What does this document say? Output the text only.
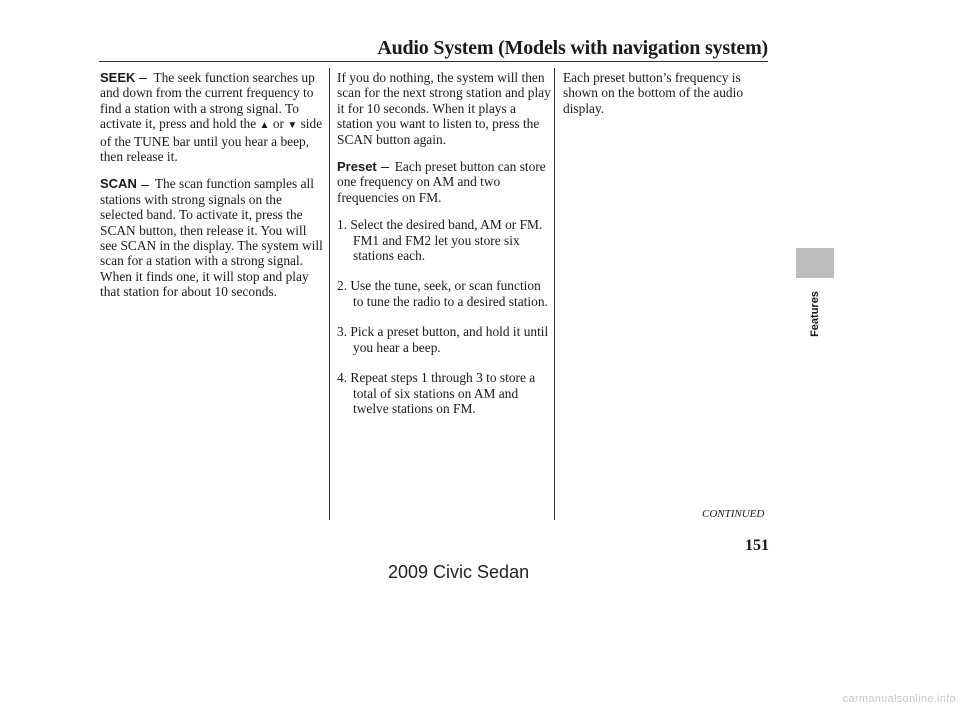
Audio System (Models with navigation system)

SEEK The seek function searches up and down from the current frequency to find a station with a strong signal. To activate it, press and hold the ▲ or ▼ side of the TUNE bar until you hear a beep, then release it.

SCAN The scan function samples all stations with strong signals on the selected band. To activate it, press the SCAN button, then release it. You will see SCAN in the display. The system will scan for a station with a strong signal. When it finds one, it will stop and play that station for about 10 seconds.

If you do nothing, the system will then scan for the next strong station and play it for 10 seconds. When it plays a station you want to listen to, press the SCAN button again.

Preset Each preset button can store one frequency on AM and two frequencies on FM.

1. Select the desired band, AM or FM. FM1 and FM2 let you store six stations each.
2. Use the tune, seek, or scan function to tune the radio to a desired station.
3. Pick a preset button, and hold it until you hear a beep.
4. Repeat steps 1 through 3 to store a total of six stations on AM and twelve stations on FM.

Each preset button’s frequency is shown on the bottom of the audio display.

CONTINUED
Features
151
2009 Civic Sedan
carmanualsonline.info
